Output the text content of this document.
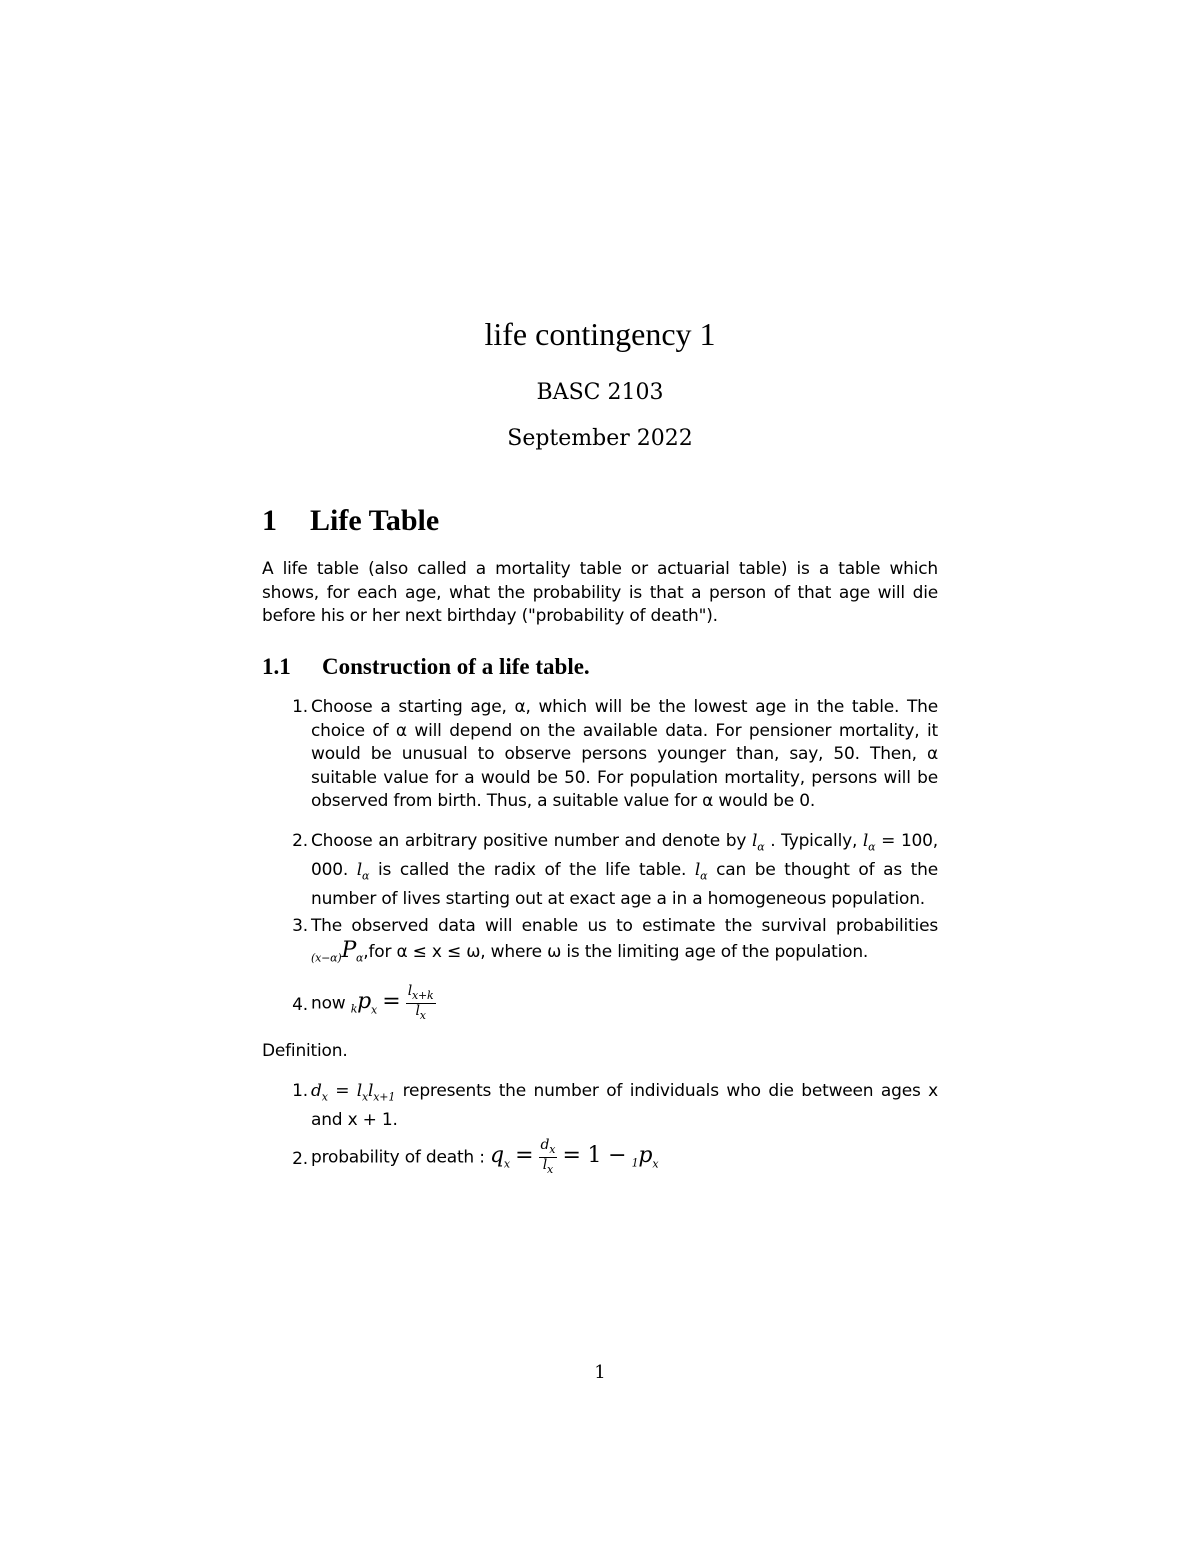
life contingency 1
BASC 2103
September 2022
1 Life Table
A life table (also called a mortality table or actuarial table) is a table which shows, for each age, what the probability is that a person of that age will die before his or her next birthday ("probability of death").
1.1 Construction of a life table.
1. Choose a starting age, α, which will be the lowest age in the table. The choice of α will depend on the available data. For pensioner mortality, it would be unusual to observe persons younger than, say, 50. Then, α suitable value for a would be 50. For population mortality, persons will be observed from birth. Thus, a suitable value for α would be 0.
2. Choose an arbitrary positive number and denote by $l_\alpha$ . Typically, $l_\alpha = 100$, 000. $l_\alpha$ is called the radix of the life table. $l_\alpha$ can be thought of as the number of lives starting out at exact age a in a homogeneous population.
3. The observed data will enable us to estimate the survival probabilities $_{(x-\alpha)}P_\alpha,for$ α ≤ x ≤ ω, where ω is the limiting age of the population.
4. now $_kp_x = \frac{l_{x+k}}{l_x}$
Definition.
1. $d_x = l_xl_{x+1}$ represents the number of individuals who die between ages x and x + 1.
2. probability of death : $q_x = \frac{d_x}{l_x} = 1 - _1p_x$
1
